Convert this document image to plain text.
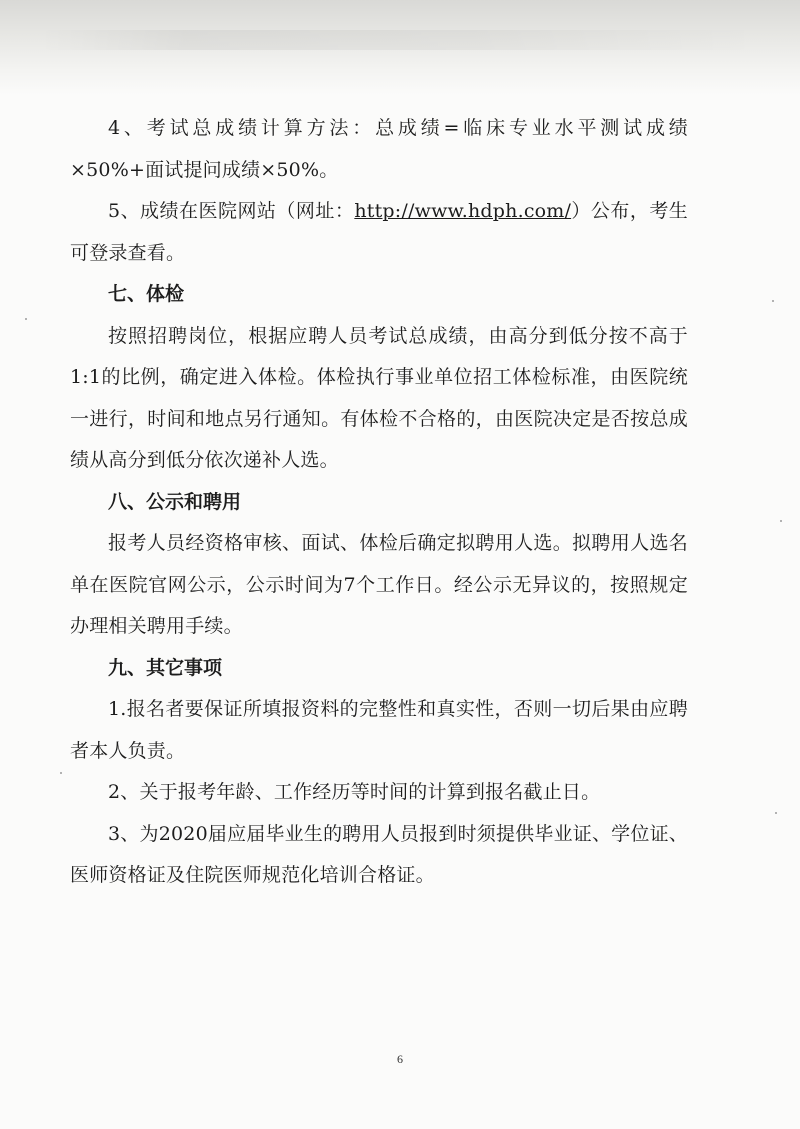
4、考试总成绩计算方法：总成绩=临床专业水平测试成绩×50%+面试提问成绩×50%。

5、成绩在医院网站（网址：http://www.hdph.com/）公布，考生可登录查看。

七、体检

按照招聘岗位，根据应聘人员考试总成绩，由高分到低分按不高于1:1的比例，确定进入体检。体检执行事业单位招工体检标准，由医院统一进行，时间和地点另行通知。有体检不合格的，由医院决定是否按总成绩从高分到低分依次递补人选。

八、公示和聘用

报考人员经资格审核、面试、体检后确定拟聘用人选。拟聘用人选名单在医院官网公示，公示时间为7个工作日。经公示无异议的，按照规定办理相关聘用手续。

九、其它事项

1.报名者要保证所填报资料的完整性和真实性，否则一切后果由应聘者本人负责。

2、关于报考年龄、工作经历等时间的计算到报名截止日。

3、为2020届应届毕业生的聘用人员报到时须提供毕业证、学位证、医师资格证及住院医师规范化培训合格证。

6
